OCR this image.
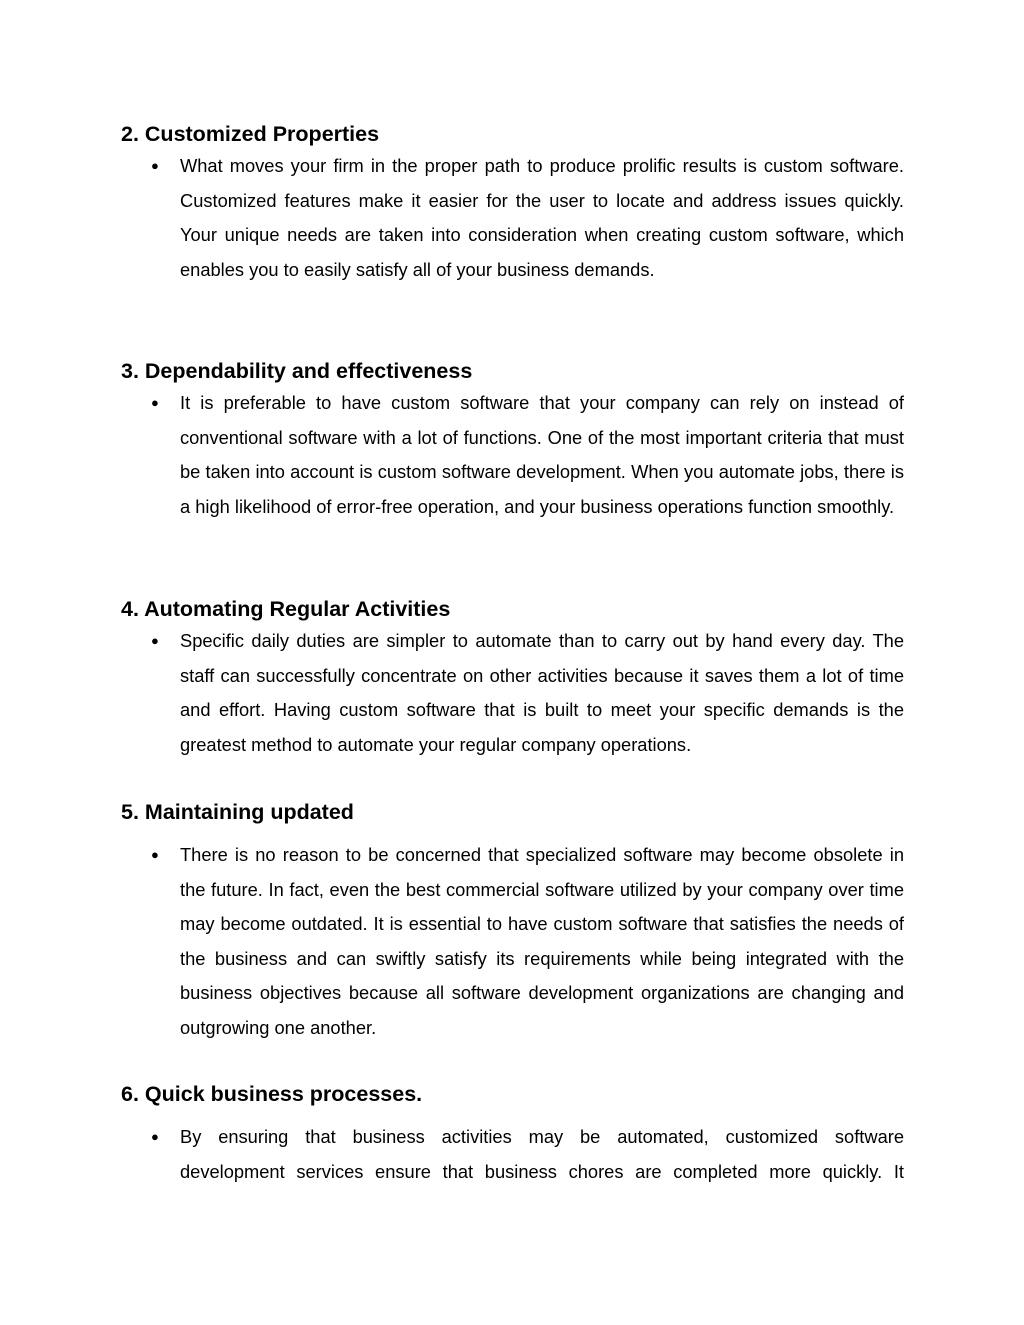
2. Customized Properties
● What moves your firm in the proper path to produce prolific results is custom software. Customized features make it easier for the user to locate and address issues quickly. Your unique needs are taken into consideration when creating custom software, which enables you to easily satisfy all of your business demands.

3. Dependability and effectiveness
● It is preferable to have custom software that your company can rely on instead of conventional software with a lot of functions. One of the most important criteria that must be taken into account is custom software development. When you automate jobs, there is a high likelihood of error-free operation, and your business operations function smoothly.

4. Automating Regular Activities
● Specific daily duties are simpler to automate than to carry out by hand every day. The staff can successfully concentrate on other activities because it saves them a lot of time and effort. Having custom software that is built to meet your specific demands is the greatest method to automate your regular company operations.

5. Maintaining updated
● There is no reason to be concerned that specialized software may become obsolete in the future. In fact, even the best commercial software utilized by your company over time may become outdated. It is essential to have custom software that satisfies the needs of the business and can swiftly satisfy its requirements while being integrated with the business objectives because all software development organizations are changing and outgrowing one another.

6. Quick business processes.
● By ensuring that business activities may be automated, customized software development services ensure that business chores are completed more quickly. It
